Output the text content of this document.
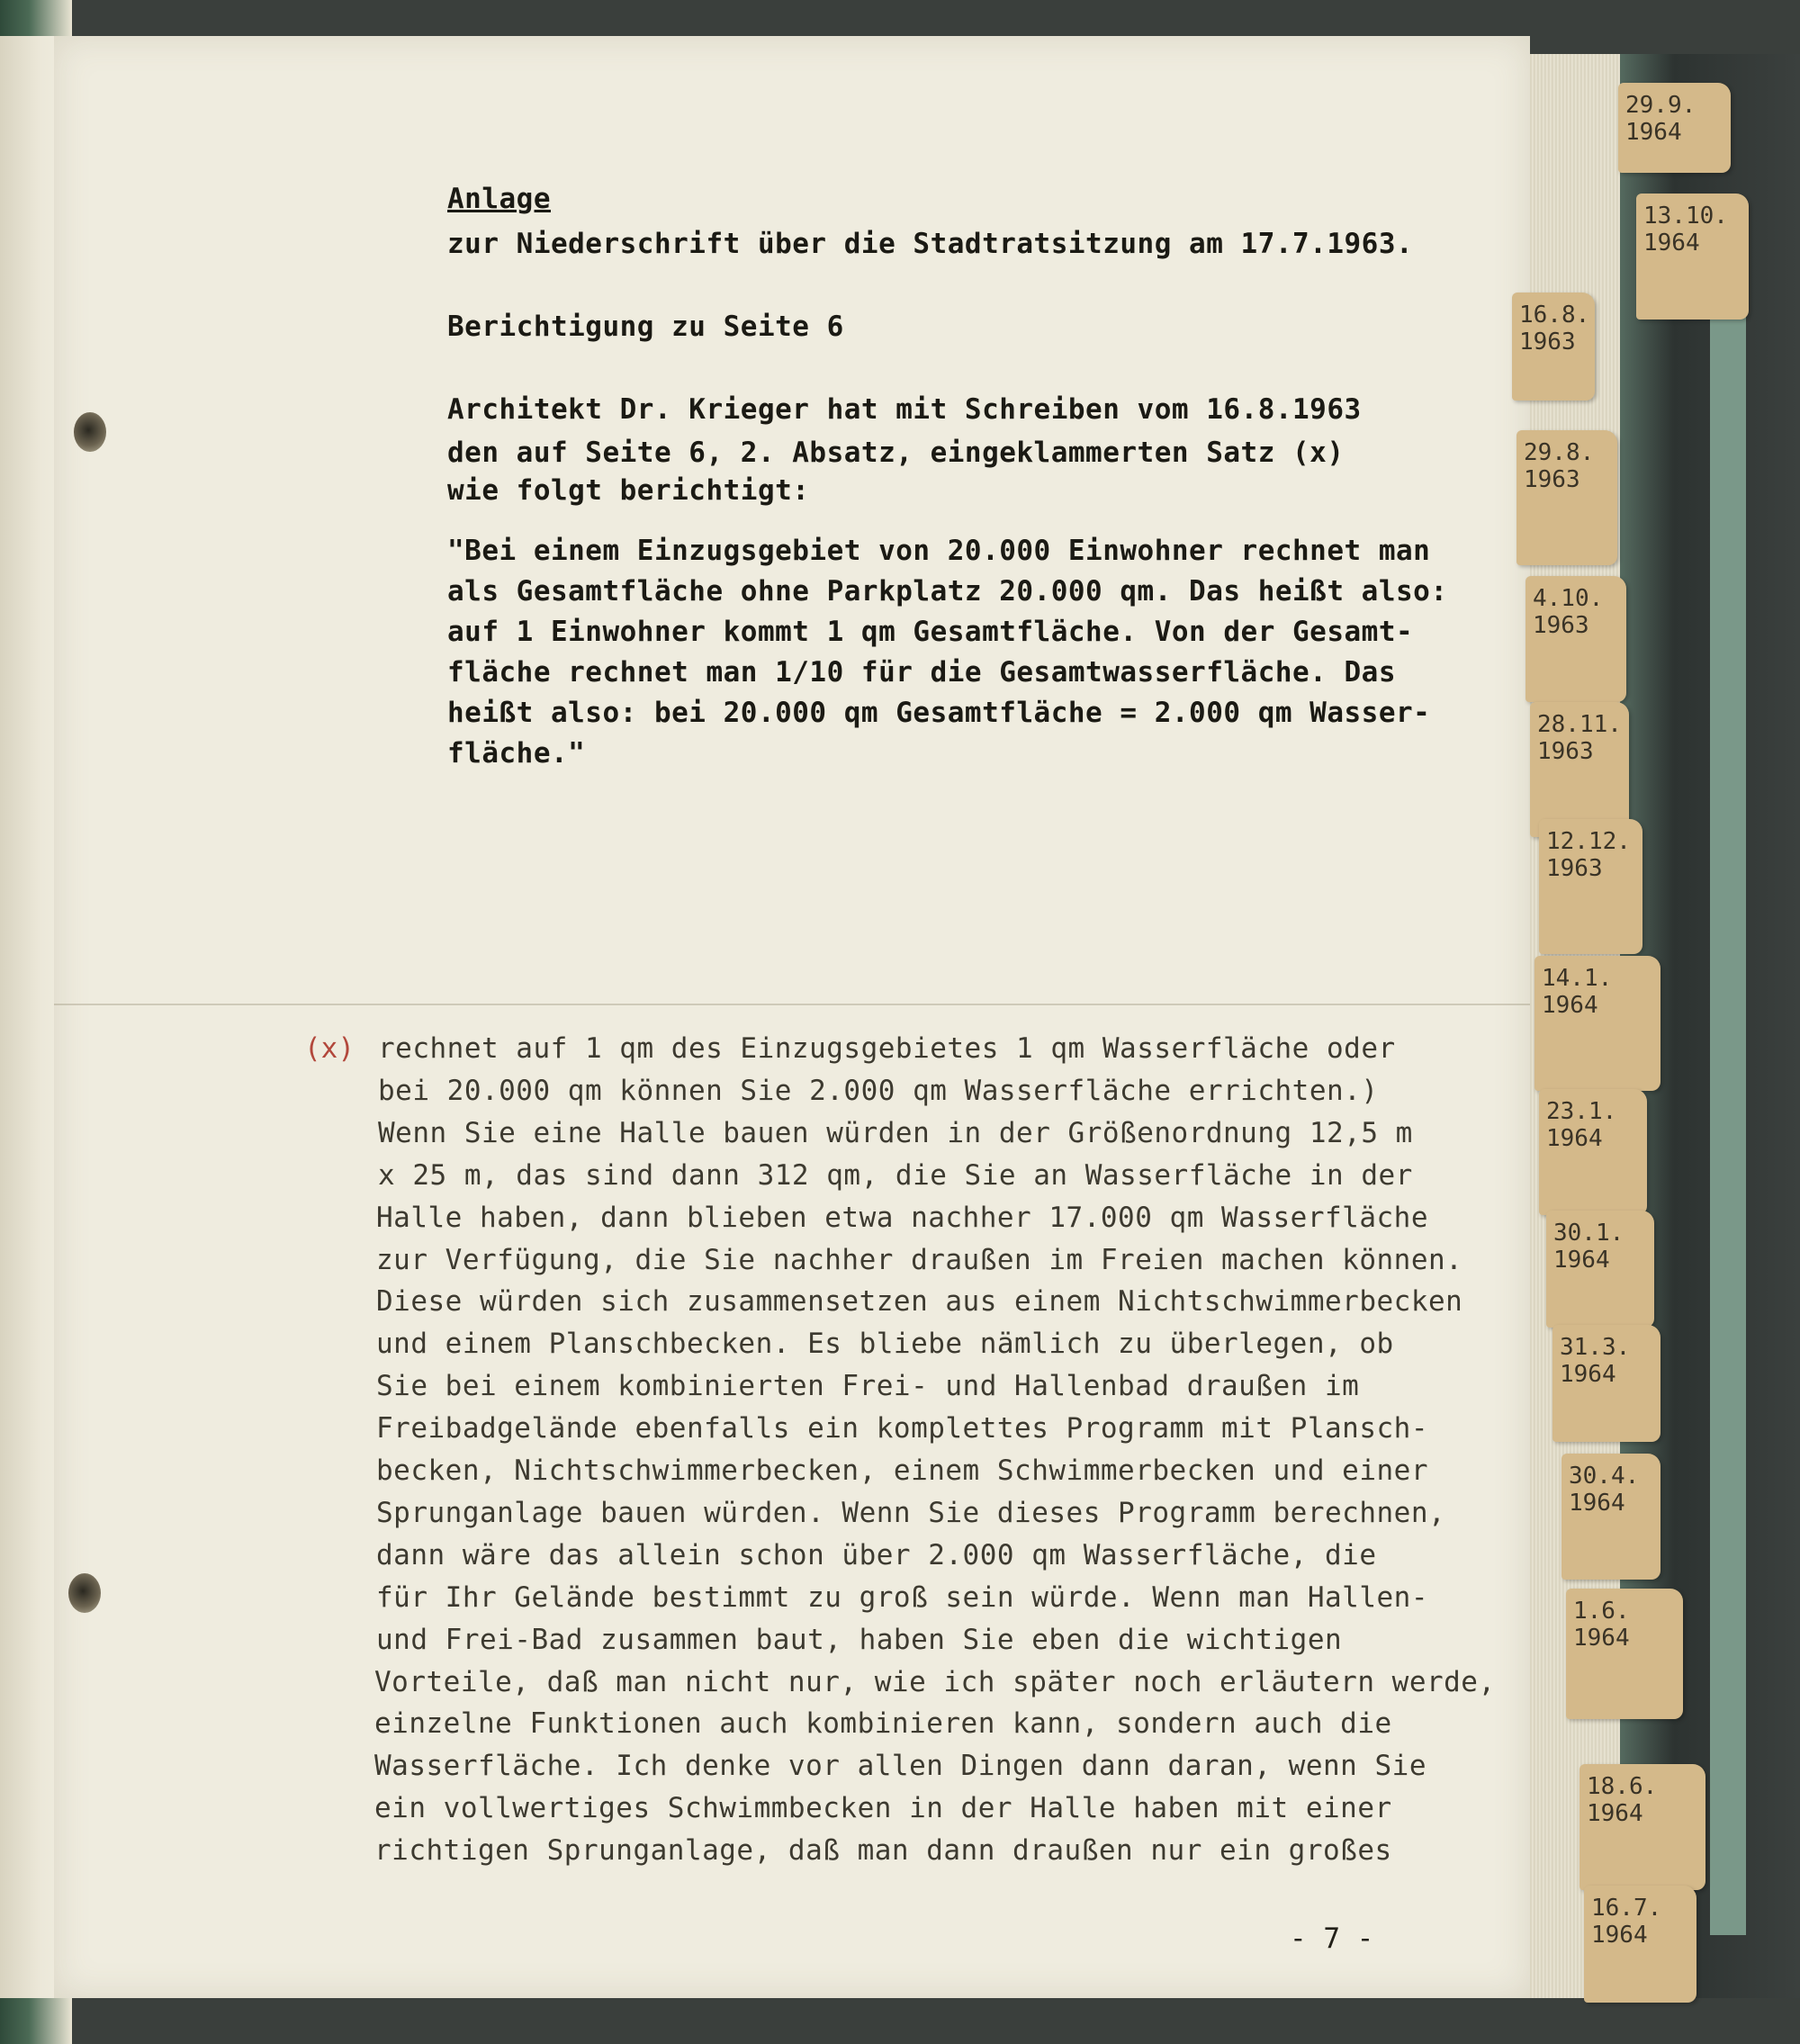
Anlage
zur Niederschrift über die Stadtratsitzung am 17.7.1963.
Berichtigung zu Seite 6
Architekt Dr. Krieger hat mit Schreiben vom 16.8.1963
den auf Seite 6, 2. Absatz, eingeklammerten Satz (x)
wie folgt berichtigt:
"Bei einem Einzugsgebiet von 20.000 Einwohner rechnet man
als Gesamtfläche ohne Parkplatz 20.000 qm. Das heißt also:
auf 1 Einwohner kommt 1 qm Gesamtfläche. Von der Gesamt-
fläche rechnet man 1/10 für die Gesamtwasserfläche. Das
heißt also: bei 20.000 qm Gesamtfläche = 2.000 qm Wasser-
fläche."
(x) rechnet auf 1 qm des Einzugsgebietes 1 qm Wasserfläche oder
bei 20.000 qm können Sie 2.000 qm Wasserfläche errichten.)
Wenn Sie eine Halle bauen würden in der Größenordnung 12,5 m
x 25 m, das sind dann 312 qm, die Sie an Wasserfläche in der
Halle haben, dann blieben etwa nachher 17.000 qm Wasserfläche
zur Verfügung, die Sie nachher draußen im Freien machen können.
Diese würden sich zusammensetzen aus einem Nichtschwimmerbecken
und einem Planschbecken. Es bliebe nämlich zu überlegen, ob
Sie bei einem kombinierten Frei- und Hallenbad draußen im
Freibadgelände ebenfalls ein komplettes Programm mit Plansch-
becken, Nichtschwimmerbecken, einem Schwimmerbecken und einer
Sprunganlage bauen würden. Wenn Sie dieses Programm berechnen,
dann wäre das allein schon über 2.000 qm Wasserfläche, die
für Ihr Gelände bestimmt zu groß sein würde. Wenn man Hallen-
und Frei-Bad zusammen baut, haben Sie eben die wichtigen
Vorteile, daß man nicht nur, wie ich später noch erläutern werde,
einzelne Funktionen auch kombinieren kann, sondern auch die
Wasserfläche. Ich denke vor allen Dingen dann daran, wenn Sie
ein vollwertiges Schwimmbecken in der Halle haben mit einer
richtigen Sprunganlage, daß man dann draußen nur ein großes
- 7 -
29.9.
1964
13.10.
1964
16.8.
1963
29.8.
1963
4.10.
1963
28.11.
1963
12.12.
1963
14.1.
1964
23.1.
1964
30.1.
1964
31.3.
1964
30.4.
1964
1.6.
1964
18.6.
1964
16.7.
1964
